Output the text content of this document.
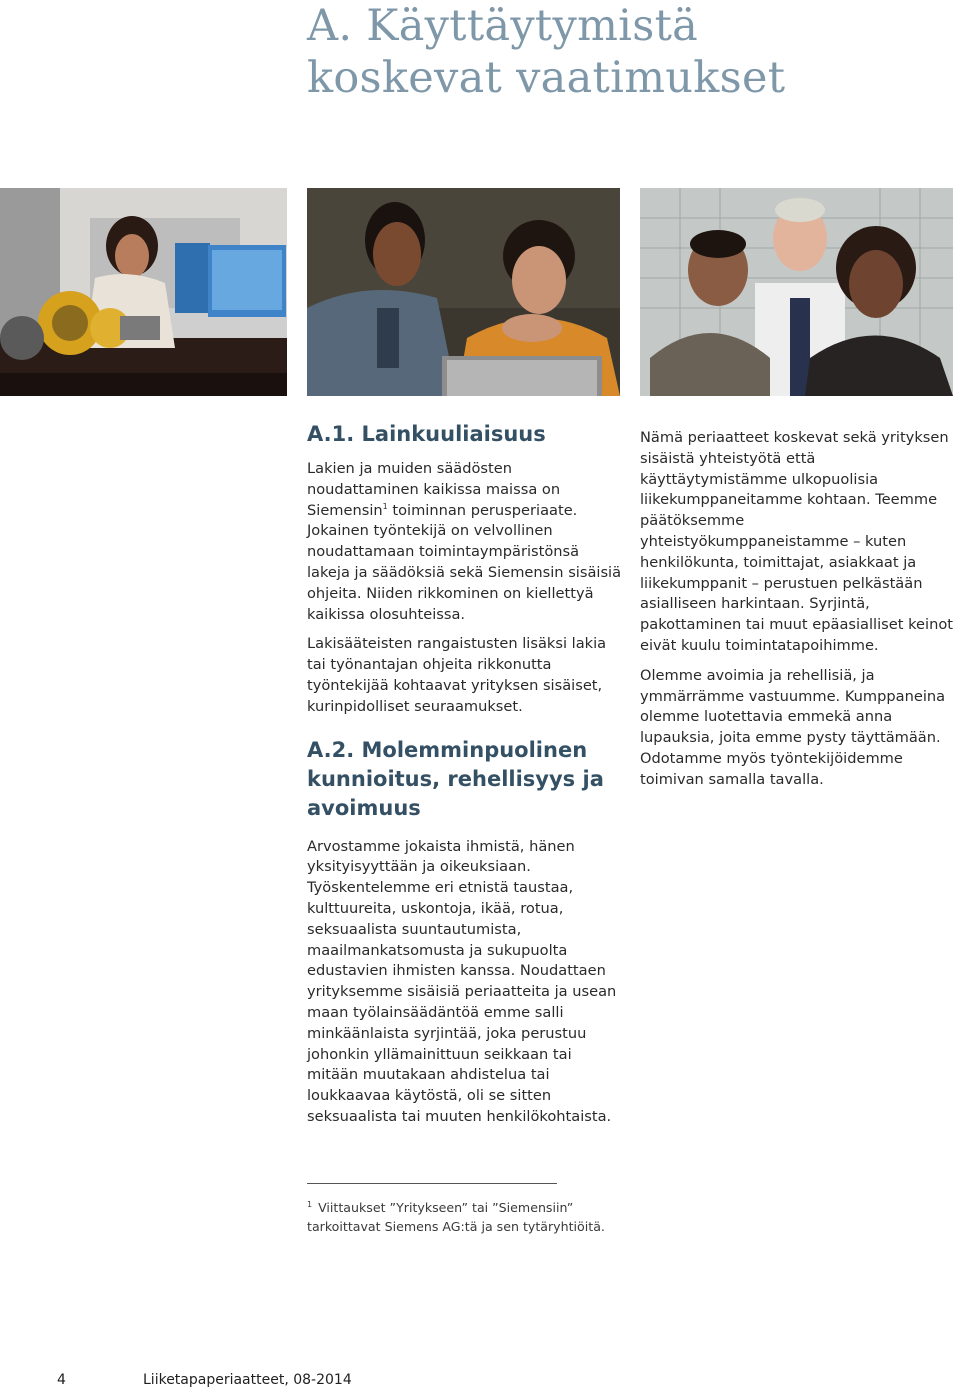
A. Käyttäytymistä
koskevat vaatimukset
A.1. Lainkuuliaisuus

Lakien ja muiden säädösten noudattaminen kaikissa maissa on Siemensin$^1$ toiminnan perusperiaate. Jokainen työntekijä on velvollinen noudattamaan toimintaympäristönsä lakeja ja säädöksiä sekä Siemensin sisäisiä ohjeita. Niiden rikkominen on kiellettyä kaikissa olosuhteissa.

Lakisääteisten rangaistusten lisäksi lakia tai työnantajan ohjeita rikkonutta työntekijää kohtaavat yrityksen sisäiset, kurinpidolliset seuraamukset.

A.2. Molemminpuolinen kunnioitus, rehellisyys ja avoimuus

Arvostamme jokaista ihmistä, hänen yksityisyyttään ja oikeuksiaan. Työskentelemme eri etnistä taustaa, kulttuureita, uskontoja, ikää, rotua, seksuaalista suuntautumista, maailmankatsomusta ja sukupuolta edustavien ihmisten kanssa. Noudattaen yrityksemme sisäisiä periaatteita ja usean maan työlainsäädäntöä emme salli minkäänlaista syrjintää, joka perustuu johonkin yllämainittuun seikkaan tai mitään muutakaan ahdistelua tai loukkaavaa käytöstä, oli se sitten seksuaalista tai muuten henkilökohtaista.

Nämä periaatteet koskevat sekä yrityksen sisäistä yhteistyötä että käyttäytymistämme ulkopuolisia liikekumppaneitamme kohtaan. Teemme päätöksemme yhteistyökumppaneistamme – kuten henkilökunta, toimittajat, asiakkaat ja liikekumppanit – perustuen pelkästään asialliseen harkintaan. Syrjintä, pakottaminen tai muut epäasialliset keinot eivät kuulu toimintatapoihimme.

Olemme avoimia ja rehellisiä, ja ymmärrämme vastuumme. Kumppaneina olemme luotettavia emmekä anna lupauksia, joita emme pysty täyttämään. Odotamme myös työntekijöidemme toimivan samalla tavalla.

$^1$ Viittaukset ”Yritykseen” tai ”Siemensiin” tarkoittavat Siemens AG:tä ja sen tytäryhtiöitä.
4	Liiketapaperiaatteet, 08-2014
